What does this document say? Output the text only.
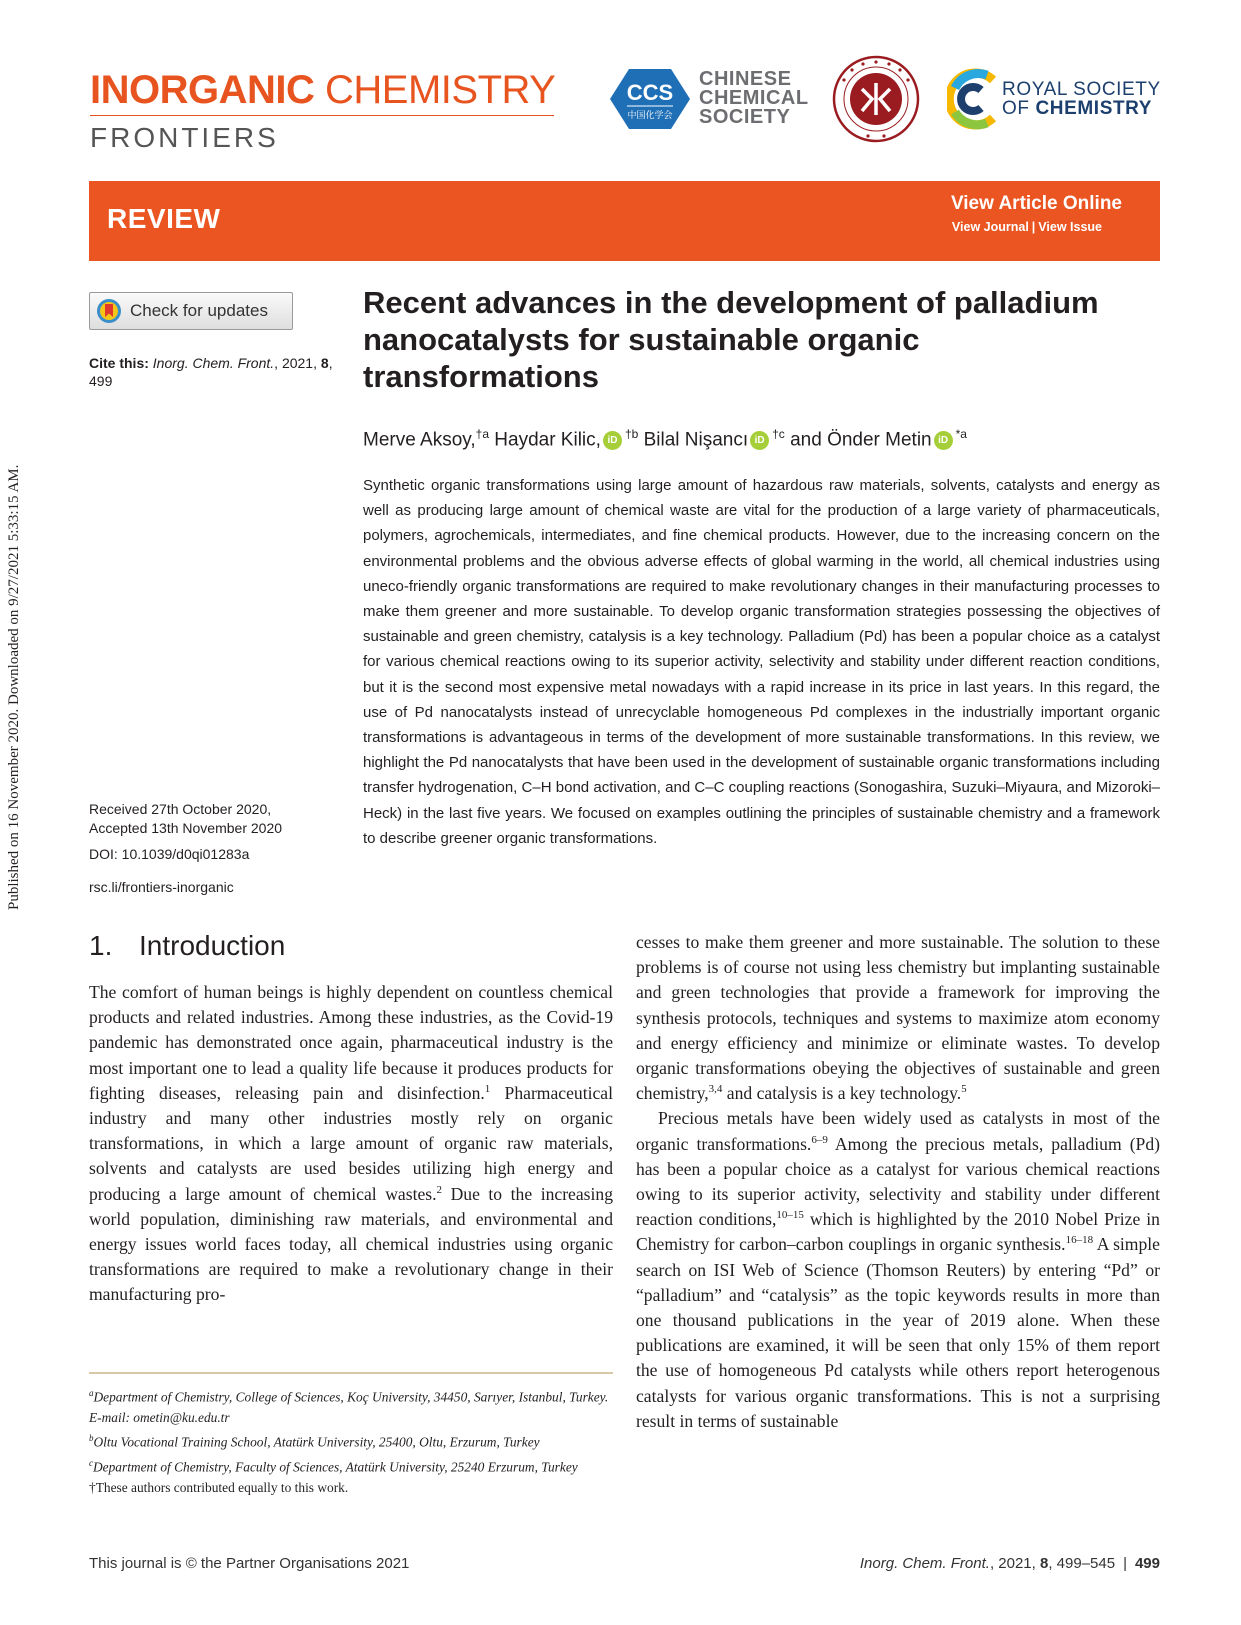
Published on 16 November 2020. Downloaded on 9/27/2021 5:33:15 AM.
INORGANIC CHEMISTRY
FRONTIERS
CCS
中国化学会
CHINESE
CHEMICAL
SOCIETY
ROYAL SOCIETY
OF CHEMISTRY
REVIEW	View Article Online
View Journal | View Issue
Check for updates
Cite this: Inorg. Chem. Front., 2021, 8, 499
Received 27th October 2020,
Accepted 13th November 2020
DOI: 10.1039/d0qi01283a
rsc.li/frontiers-inorganic
Recent advances in the development of palladium nanocatalysts for sustainable organic transformations
Merve Aksoy,$^{\dagger a}$ Haydar Kilic, iD $^{\dagger b}$ Bilal Nişancı iD $^{\dagger c}$ and Önder Metin iD $^{*a}$
Synthetic organic transformations using large amount of hazardous raw materials, solvents, catalysts and energy as well as producing large amount of chemical waste are vital for the production of a large variety of pharmaceuticals, polymers, agrochemicals, intermediates, and fine chemical products. However, due to the increasing concern on the environmental problems and the obvious adverse effects of global warming in the world, all chemical industries using uneco-friendly organic transformations are required to make revolutionary changes in their manufacturing processes to make them greener and more sustainable. To develop organic transformation strategies possessing the objectives of sustainable and green chemistry, catalysis is a key technology. Palladium (Pd) has been a popular choice as a catalyst for various chemical reactions owing to its superior activity, selectivity and stability under different reaction conditions, but it is the second most expensive metal nowadays with a rapid increase in its price in last years. In this regard, the use of Pd nanocatalysts instead of unrecyclable homogeneous Pd complexes in the industrially important organic transformations is advantageous in terms of the development of more sustainable transformations. In this review, we highlight the Pd nanocatalysts that have been used in the development of sustainable organic transformations including transfer hydrogenation, C–H bond activation, and C–C coupling reactions (Sonogashira, Suzuki–Miyaura, and Mizoroki–Heck) in the last five years. We focused on examples outlining the principles of sustainable chemistry and a framework to describe greener organic transformations.
1. Introduction

The comfort of human beings is highly dependent on countless chemical products and related industries. Among these industries, as the Covid-19 pandemic has demonstrated once again, pharmaceutical industry is the most important one to lead a quality life because it produces products for fighting diseases, releasing pain and disinfection.$^1$ Pharmaceutical industry and many other industries mostly rely on organic transformations, in which a large amount of organic raw materials, solvents and catalysts are used besides utilizing high energy and producing a large amount of chemical wastes.$^2$ Due to the increasing world population, diminishing raw materials, and environmental and energy issues world faces today, all chemical industries using organic transformations are required to make a revolutionary change in their manufacturing pro-

cesses to make them greener and more sustainable. The solution to these problems is of course not using less chemistry but implanting sustainable and green technologies that provide a framework for improving the synthesis protocols, techniques and systems to maximize atom economy and energy efficiency and minimize or eliminate wastes. To develop organic transformations obeying the objectives of sustainable and green chemistry,$^{3,4}$ and catalysis is a key technology.$^5$

Precious metals have been widely used as catalysts in most of the organic transformations.$^{6-9}$ Among the precious metals, palladium (Pd) has been a popular choice as a catalyst for various chemical reactions owing to its superior activity, selectivity and stability under different reaction conditions,$^{10-15}$ which is highlighted by the 2010 Nobel Prize in Chemistry for carbon–carbon couplings in organic synthesis.$^{16-18}$ A simple search on ISI Web of Science (Thomson Reuters) by entering “Pd” or “palladium” and “catalysis” as the topic keywords results in more than one thousand publications in the year of 2019 alone. When these publications are examined, it will be seen that only 15% of them report the use of homogeneous Pd catalysts while others report heterogenous catalysts for various organic transformations. This is not a surprising result in terms of sustainable

$^a$Department of Chemistry, College of Sciences, Koç University, 34450, Sarıyer, Istanbul, Turkey. E-mail: ometin@ku.edu.tr

$^b$Oltu Vocational Training School, Atatürk University, 25400, Oltu, Erzurum, Turkey

$^c$Department of Chemistry, Faculty of Sciences, Atatürk University, 25240 Erzurum, Turkey

†These authors contributed equally to this work.

This journal is © the Partner Organisations 2021	Inorg. Chem. Front., 2021, 8, 499–545 | 499
